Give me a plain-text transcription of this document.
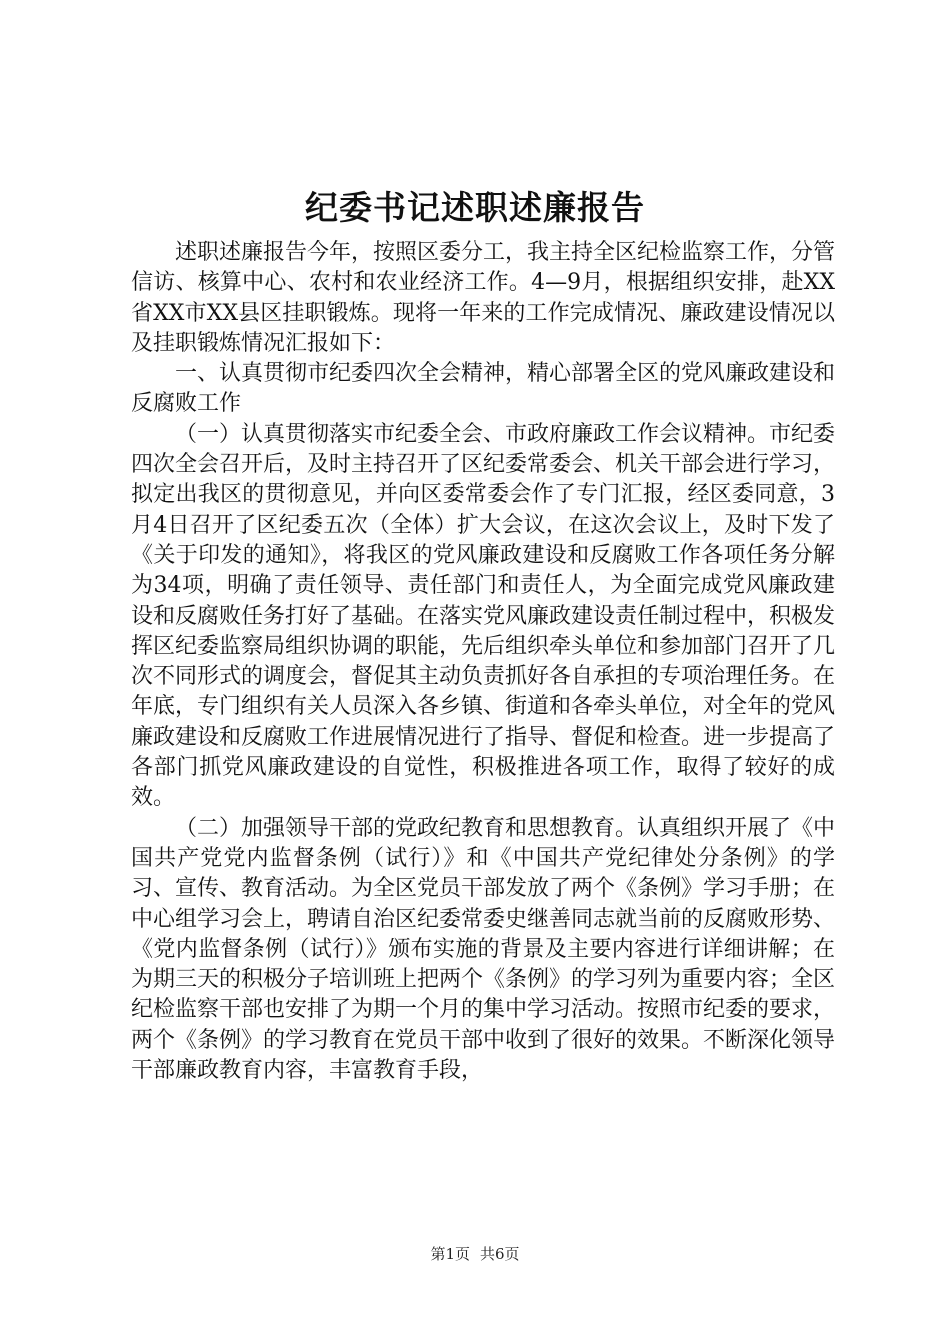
纪委书记述职述廉报告

述职述廉报告今年，按照区委分工，我主持全区纪检监察工作，分管信访、核算中心、农村和农业经济工作。4—9月，根据组织安排，赴XX省XX市XX县区挂职锻炼。现将一年来的工作完成情况、廉政建设情况以及挂职锻炼情况汇报如下：

一、认真贯彻市纪委四次全会精神，精心部署全区的党风廉政建设和反腐败工作

（一）认真贯彻落实市纪委全会、市政府廉政工作会议精神。市纪委四次全会召开后，及时主持召开了区纪委常委会、机关干部会进行学习，拟定出我区的贯彻意见，并向区委常委会作了专门汇报，经区委同意，3月4日召开了区纪委五次（全体）扩大会议，在这次会议上，及时下发了《关于印发的通知》，将我区的党风廉政建设和反腐败工作各项任务分解为34项，明确了责任领导、责任部门和责任人，为全面完成党风廉政建设和反腐败任务打好了基础。在落实党风廉政建设责任制过程中，积极发挥区纪委监察局组织协调的职能，先后组织牵头单位和参加部门召开了几次不同形式的调度会，督促其主动负责抓好各自承担的专项治理任务。在年底，专门组织有关人员深入各乡镇、街道和各牵头单位，对全年的党风廉政建设和反腐败工作进展情况进行了指导、督促和检查。进一步提高了各部门抓党风廉政建设的自觉性，积极推进各项工作，取得了较好的成效。

（二）加强领导干部的党政纪教育和思想教育。认真组织开展了《中国共产党党内监督条例（试行）》和《中国共产党纪律处分条例》的学习、宣传、教育活动。为全区党员干部发放了两个《条例》学习手册；在中心组学习会上，聘请自治区纪委常委史继善同志就当前的反腐败形势、《党内监督条例（试行）》颁布实施的背景及主要内容进行详细讲解；在为期三天的积极分子培训班上把两个《条例》的学习列为重要内容；全区纪检监察干部也安排了为期一个月的集中学习活动。按照市纪委的要求，两个《条例》的学习教育在党员干部中收到了很好的效果。不断深化领导干部廉政教育内容，丰富教育手段，

第1页 共6页
